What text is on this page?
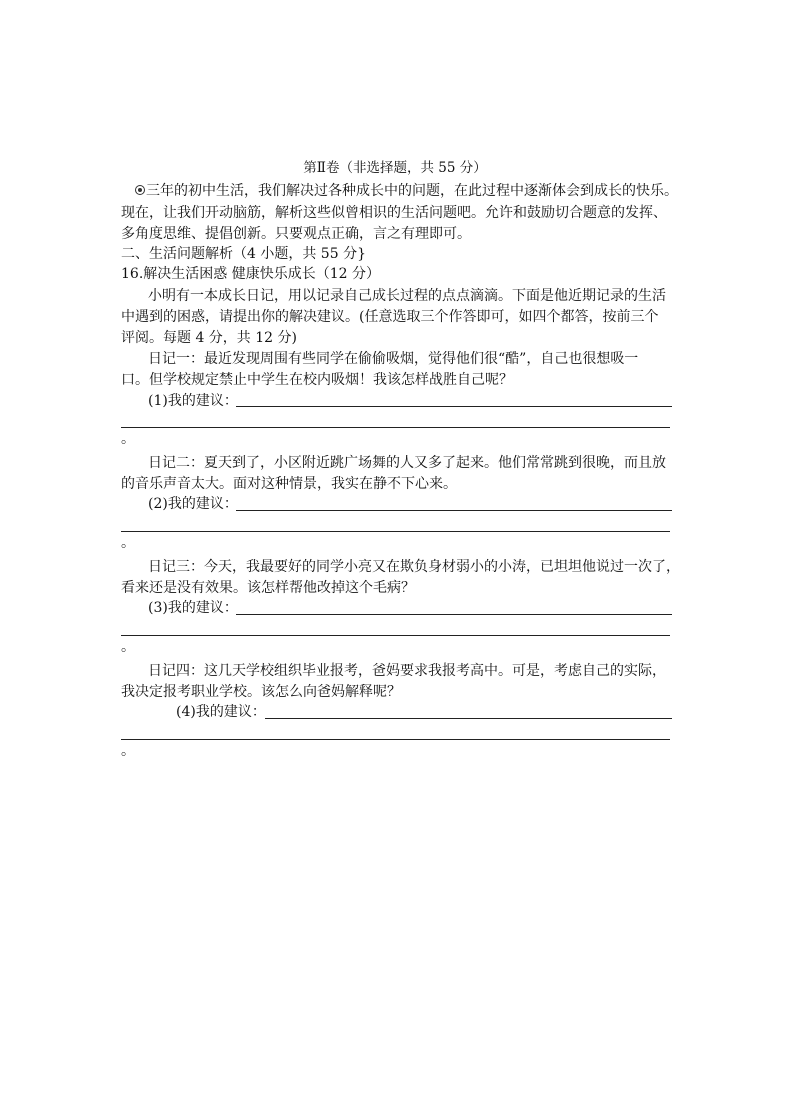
第Ⅱ卷（非选择题，共 55 分）
三年的初中生活，我们解决过各种成长中的问题，在此过程中逐渐体会到成长的快乐。
现在，让我们开动脑筋，解析这些似曾相识的生活问题吧。允许和鼓励切合题意的发挥、
多角度思维、提倡创新。只要观点正确，言之有理即可。
二、生活问题解析（4 小题，共 55 分}
16.解决生活困惑 健康快乐成长（12 分）
小明有一本成长日记，用以记录自己成长过程的点点滴滴。下面是他近期记录的生活
中遇到的困惑，请提出你的解决建议。(任意选取三个作答即可，如四个都答，按前三个
评阅。每题 4 分，共 12 分)
日记一：最近发现周围有些同学在偷偷吸烟，觉得他们很“酷”，自己也很想吸一
口。但学校规定禁止中学生在校内吸烟！我该怎样战胜自己呢？
(1)我的建议：
。
日记二：夏天到了，小区附近跳广场舞的人又多了起来。他们常常跳到很晚，而且放
的音乐声音太大。面对这种情景，我实在静不下心来。
(2)我的建议：
。
日记三：今天，我最要好的同学小亮又在欺负身材弱小的小涛，已坦坦他说过一次了，
看来还是没有效果。该怎样帮他改掉这个毛病？
(3)我的建议：
。
日记四：这几天学校组织毕业报考，爸妈要求我报考高中。可是，考虑自己的实际，
我决定报考职业学校。该怎么向爸妈解释呢？
(4)我的建议：
。
